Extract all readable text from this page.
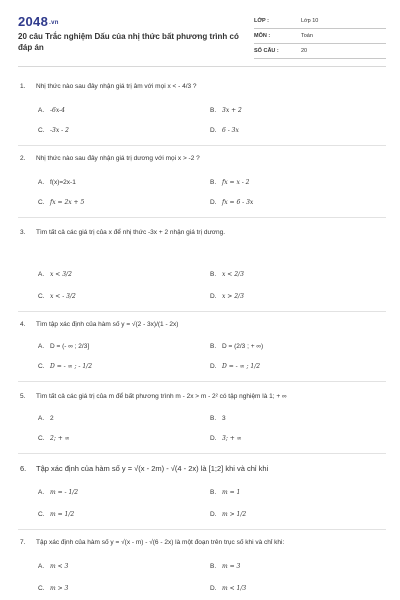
2048.vn
20 câu Trắc nghiệm Dấu của nhị thức bất phương trình có đáp án
LỚP :	Lớp 10
MÔN :	Toán
SỐ CÂU :	20
1. Nhị thức nào sau đây nhận giá trị âm với mọi x < - 4/3 ?
A. -6x-4	B. 3x + 2
C. -3x - 2	D. 6 - 3x
2. Nhị thức nào sau đây nhận giá trị dương với mọi x > -2 ?
A. f(x)=2x-1	B. fx = x - 2
C. fx = 2x + 5	D. fx = 6 - 3x
3. Tìm tất cả các giá trị của x để nhị thức -3x + 2 nhận giá trị dương.
A. x < 3/2	B. x < 2/3
C. x < - 3/2	D. x > 2/3
4. Tìm tập xác định của hàm số y = √(2 - 3x)/(1 - 2x)
A. D = (- ∞ ; 2/3]	B. D = (2/3 ; + ∞)
C. D = - ∞ ; - 1/2	D. D = - ∞ ; 1/2
5. Tìm tất cả các giá trị của m để bất phương trình m - 2x > m - 2² có tập nghiệm là 1; + ∞
A. 2	B. 3
C. 2; + ∞	D. 3; + ∞
6. Tập xác định của hàm số y = √(x - 2m) - √(4 - 2x) là [1;2] khi và chỉ khi
A. m = - 1/2	B. m = 1
C. m = 1/2	D. m > 1/2
7. Tập xác định của hàm số y = √(x - m) - √(6 - 2x) là một đoạn trên trục số khi và chỉ khi:
A. m < 3	B. m = 3
C. m > 3	D. m < 1/3
